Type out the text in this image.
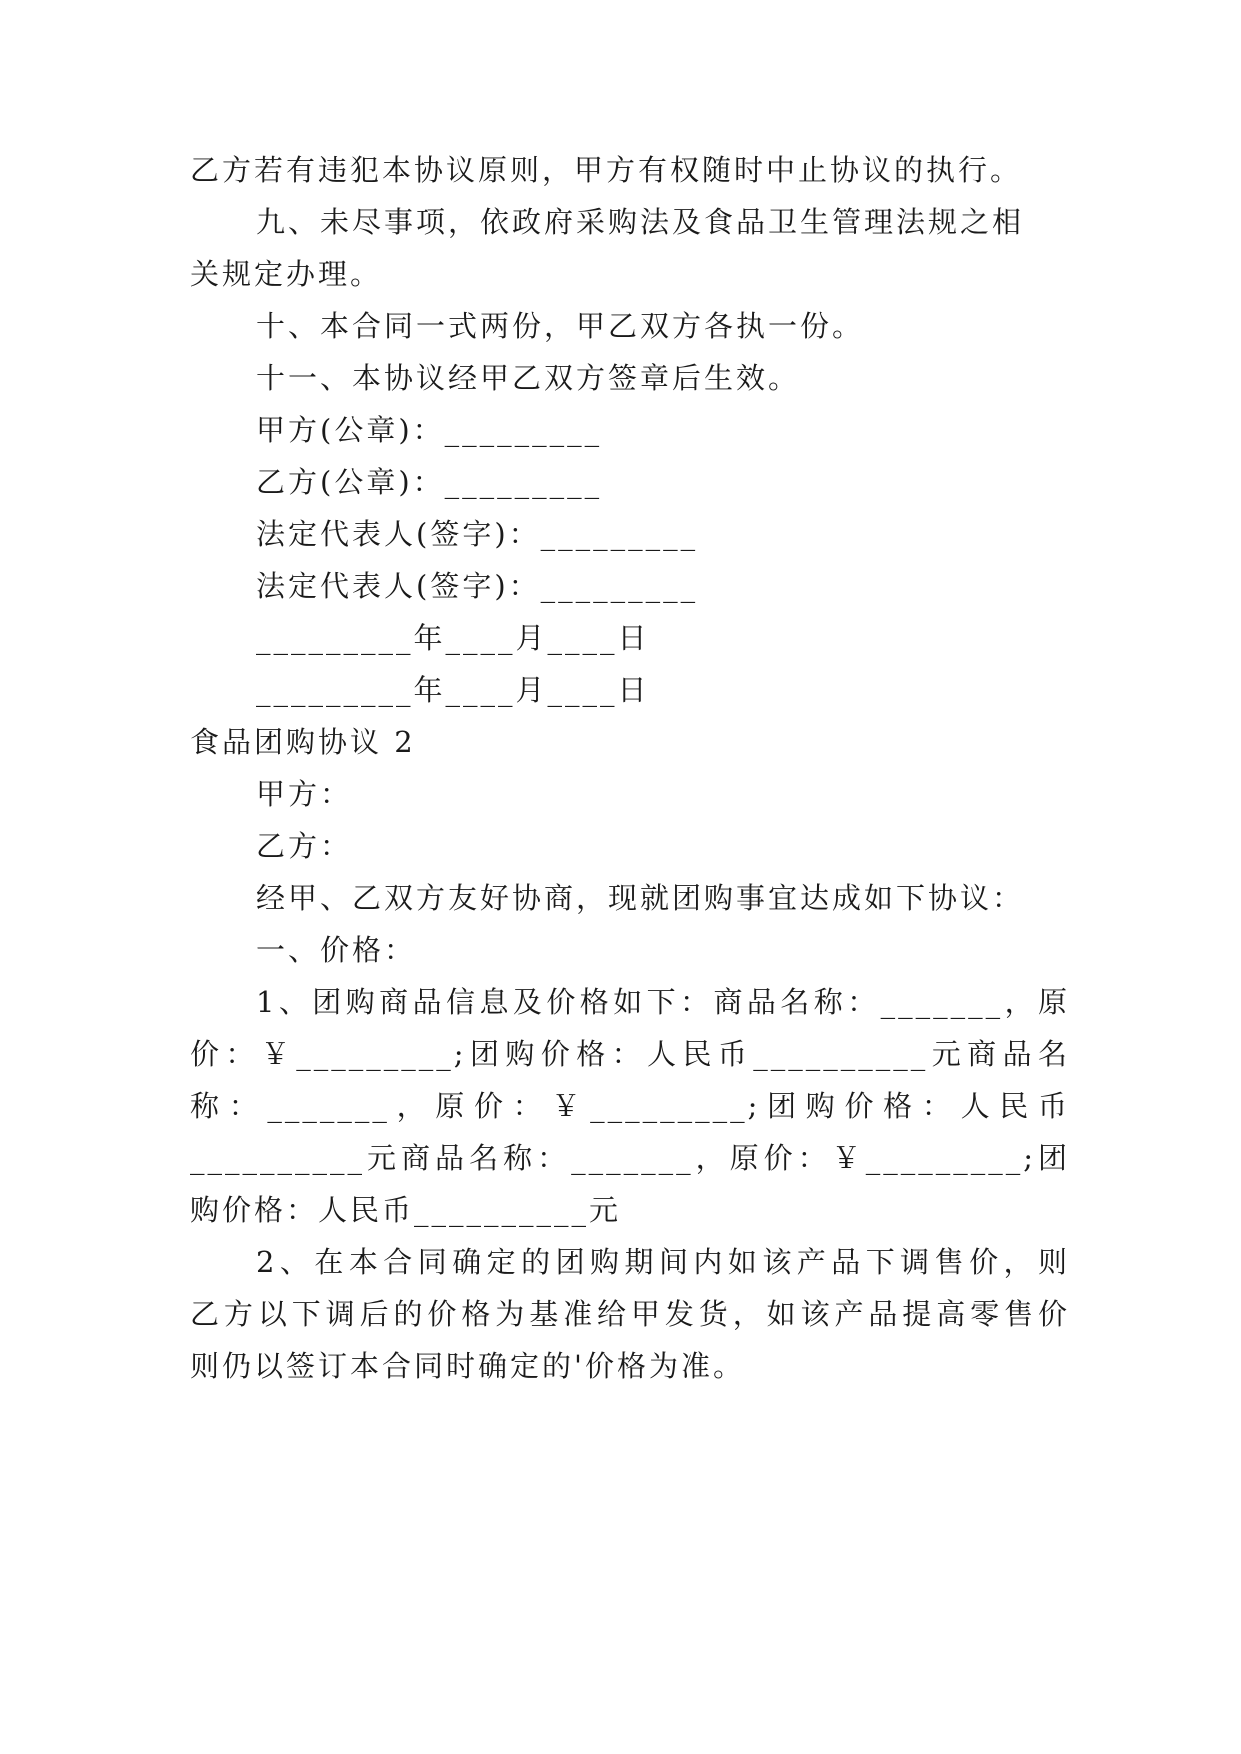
乙方若有违犯本协议原则，甲方有权随时中止协议的执行。
九、未尽事项，依政府采购法及食品卫生管理法规之相
关规定办理。
十、本合同一式两份，甲乙双方各执一份。
十一、本协议经甲乙双方签章后生效。
甲方(公章)：_________
乙方(公章)：_________
法定代表人(签字)：_________
法定代表人(签字)：_________
_________年____月____日
_________年____月____日
食品团购协议 2
甲方：
乙方：
经甲、乙双方友好协商，现就团购事宜达成如下协议：
一、价格：
1、团购商品信息及价格如下：商品名称：_______，原
价：￥_________;团购价格：人民币__________元商品名
称：_______，原价：￥_________;团购价格：人民币
__________元商品名称：_______，原价：￥_________;团
购价格：人民币__________元
2、在本合同确定的团购期间内如该产品下调售价，则
乙方以下调后的价格为基准给甲发货，如该产品提高零售价
则仍以签订本合同时确定的'价格为准。
